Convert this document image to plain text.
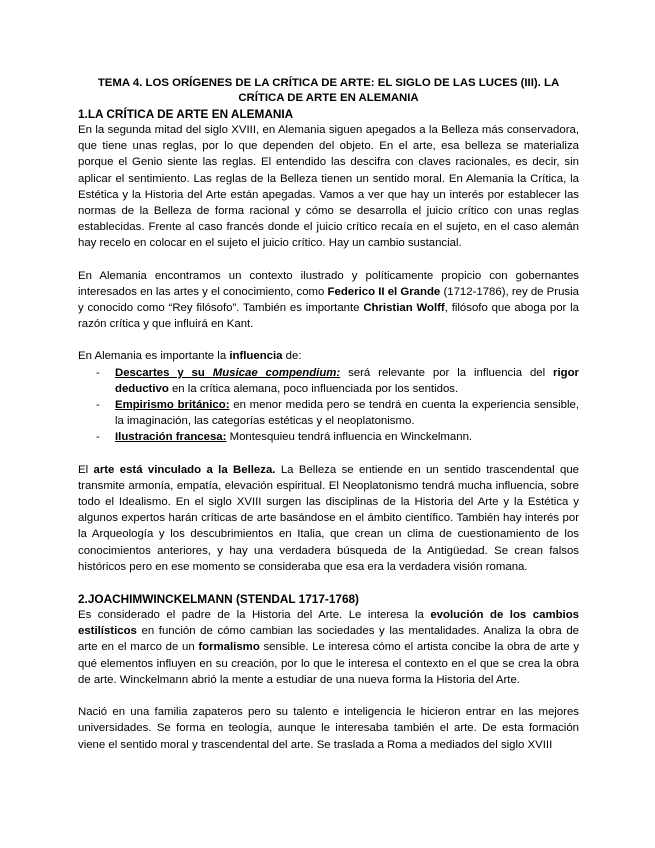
TEMA 4. LOS ORÍGENES DE LA CRÍTICA DE ARTE: EL SIGLO DE LAS LUCES (III). LA CRÍTICA DE ARTE EN ALEMANIA
1.LA CRÍTICA DE ARTE EN ALEMANIA

En la segunda mitad del siglo XVIII, en Alemania siguen apegados a la Belleza más conservadora, que tiene unas reglas, por lo que dependen del objeto. En el arte, esa belleza se materializa porque el Genio siente las reglas. El entendido las descifra con claves racionales, es decir, sin aplicar el sentimiento. Las reglas de la Belleza tienen un sentido moral. En Alemania la Crítica, la Estética y la Historia del Arte están apegadas. Vamos a ver que hay un interés por establecer las normas de la Belleza de forma racional y cómo se desarrolla el juicio crítico con unas reglas establecidas. Frente al caso francés donde el juicio crítico recaía en el sujeto, en el caso alemán hay recelo en colocar en el sujeto el juicio crítico. Hay un cambio sustancial.

En Alemania encontramos un contexto ilustrado y políticamente propicio con gobernantes interesados en las artes y el conocimiento, como Federico II el Grande (1712-1786), rey de Prusia y conocido como “Rey filósofo”. También es importante Christian Wolff, filósofo que aboga por la razón crítica y que influirá en Kant.

En Alemania es importante la influencia de:

- Descartes y su Musicae compendium: será relevante por la influencia del rigor deductivo en la crítica alemana, poco influenciada por los sentidos.
- Empirismo británico: en menor medida pero se tendrá en cuenta la experiencia sensible, la imaginación, las categorías estéticas y el neoplatonismo.
- Ilustración francesa: Montesquieu tendrá influencia en Winckelmann.

El arte está vinculado a la Belleza. La Belleza se entiende en un sentido trascendental que transmite armonía, empatía, elevación espiritual. El Neoplatonismo tendrá mucha influencia, sobre todo el Idealismo. En el siglo XVIII surgen las disciplinas de la Historia del Arte y la Estética y algunos expertos harán críticas de arte basándose en el ámbito científico. También hay interés por la Arqueología y los descubrimientos en Italia, que crean un clima de cuestionamiento de los conocimientos anteriores, y hay una verdadera búsqueda de la Antigüedad. Se crean falsos históricos pero en ese momento se consideraba que esa era la verdadera visión romana.

2.JOACHIMWINCKELMANN (STENDAL 1717-1768)

Es considerado el padre de la Historia del Arte. Le interesa la evolución de los cambios estilísticos en función de cómo cambian las sociedades y las mentalidades. Analiza la obra de arte en el marco de un formalismo sensible. Le interesa cómo el artista concibe la obra de arte y qué elementos influyen en su creación, por lo que le interesa el contexto en el que se crea la obra de arte. Winckelmann abrió la mente a estudiar de una nueva forma la Historia del Arte.

Nació en una familia zapateros pero su talento e inteligencia le hicieron entrar en las mejores universidades. Se forma en teología, aunque le interesaba también el arte. De esta formación viene el sentido moral y trascendental del arte. Se traslada a Roma a mediados del siglo XVIII
